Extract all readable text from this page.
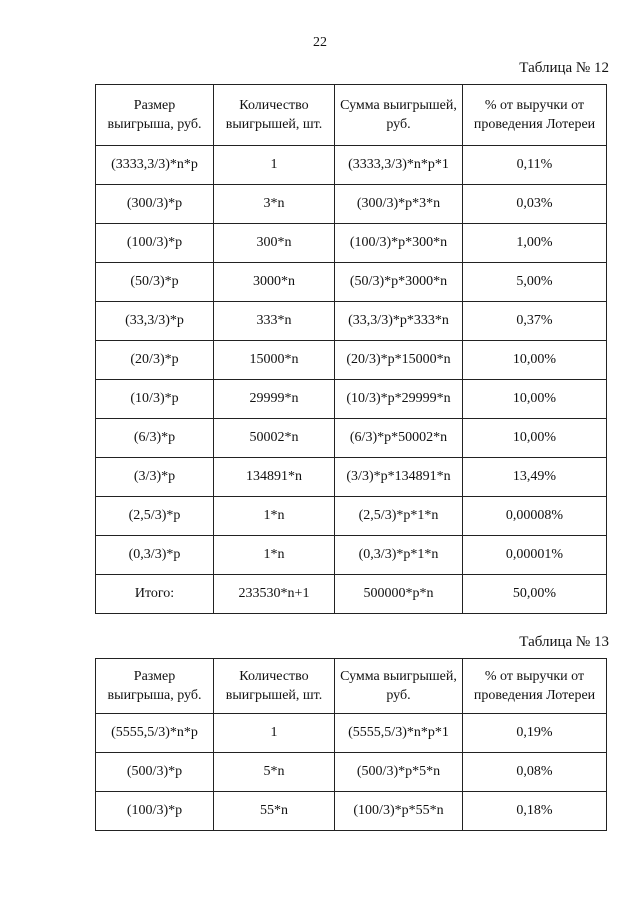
22
Таблица № 12
Размер выигрыша, руб.	Количество выигрышей, шт.	Сумма выигрышей, руб.	% от выручки от проведения Лотереи
(3333,3/3)*n*p	1	(3333,3/3)*n*p*1	0,11%
(300/3)*p	3*n	(300/3)*p*3*n	0,03%
(100/3)*p	300*n	(100/3)*p*300*n	1,00%
(50/3)*p	3000*n	(50/3)*p*3000*n	5,00%
(33,3/3)*p	333*n	(33,3/3)*p*333*n	0,37%
(20/3)*p	15000*n	(20/3)*p*15000*n	10,00%
(10/3)*p	29999*n	(10/3)*p*29999*n	10,00%
(6/3)*p	50002*n	(6/3)*p*50002*n	10,00%
(3/3)*p	134891*n	(3/3)*p*134891*n	13,49%
(2,5/3)*p	1*n	(2,5/3)*p*1*n	0,00008%
(0,3/3)*p	1*n	(0,3/3)*p*1*n	0,00001%
Итого:	233530*n+1	500000*p*n	50,00%
Таблица № 13
Размер выигрыша, руб.	Количество выигрышей, шт.	Сумма выигрышей, руб.	% от выручки от проведения Лотереи
(5555,5/3)*n*p	1	(5555,5/3)*n*p*1	0,19%
(500/3)*p	5*n	(500/3)*p*5*n	0,08%
(100/3)*p	55*n	(100/3)*p*55*n	0,18%
